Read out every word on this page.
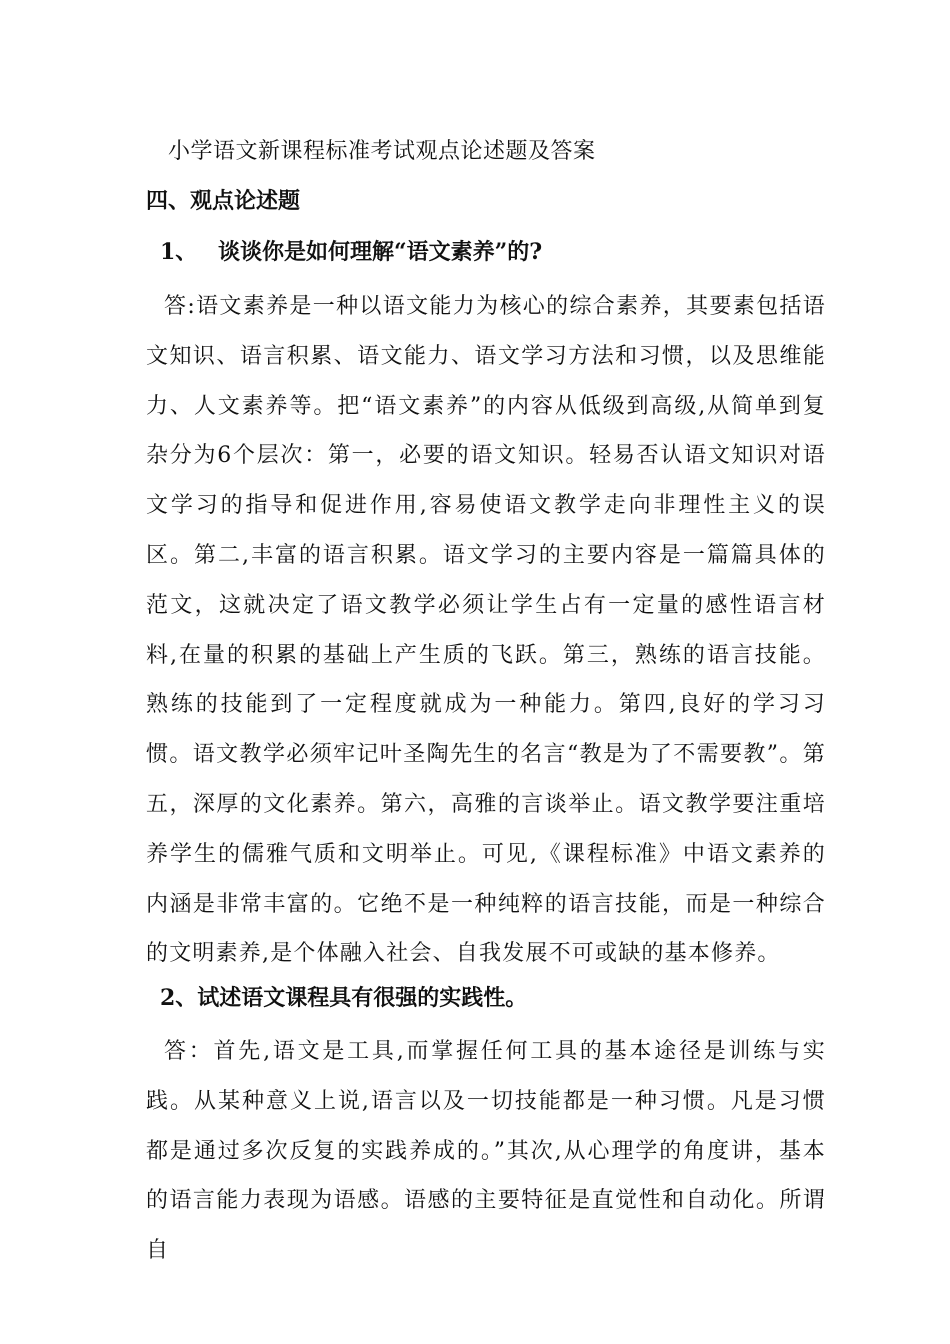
小学语文新课程标准考试观点论述题及答案
四、观点论述题
1、 谈谈你是如何理解“语文素养”的?

答:语文素养是一种以语文能力为核心的综合素养，其要素包括语文知识、语言积累、语文能力、语文学习方法和习惯，以及思维能力、人文素养等。把“语文素养”的内容从低级到高级,从简单到复杂分为6个层次：第一，必要的语文知识。轻易否认语文知识对语文学习的指导和促进作用,容易使语文教学走向非理性主义的误区。第二,丰富的语言积累。语文学习的主要内容是一篇篇具体的范文，这就决定了语文教学必须让学生占有一定量的感性语言材料,在量的积累的基础上产生质的飞跃。第三，熟练的语言技能。熟练的技能到了一定程度就成为一种能力。第四,良好的学习习惯。语文教学必须牢记叶圣陶先生的名言“教是为了不需要教”。第五，深厚的文化素养。第六，高雅的言谈举止。语文教学要注重培养学生的儒雅气质和文明举止。可见,《课程标准》中语文素养的内涵是非常丰富的。它绝不是一种纯粹的语言技能，而是一种综合的文明素养,是个体融入社会、自我发展不可或缺的基本修养。

2、试述语文课程具有很强的实践性。

答：首先,语文是工具,而掌握任何工具的基本途径是训练与实践。从某种意义上说,语言以及一切技能都是一种习惯。凡是习惯都是通过多次反复的实践养成的。”其次,从心理学的角度讲，基本的语言能力表现为语感。语感的主要特征是直觉性和自动化。所谓自
